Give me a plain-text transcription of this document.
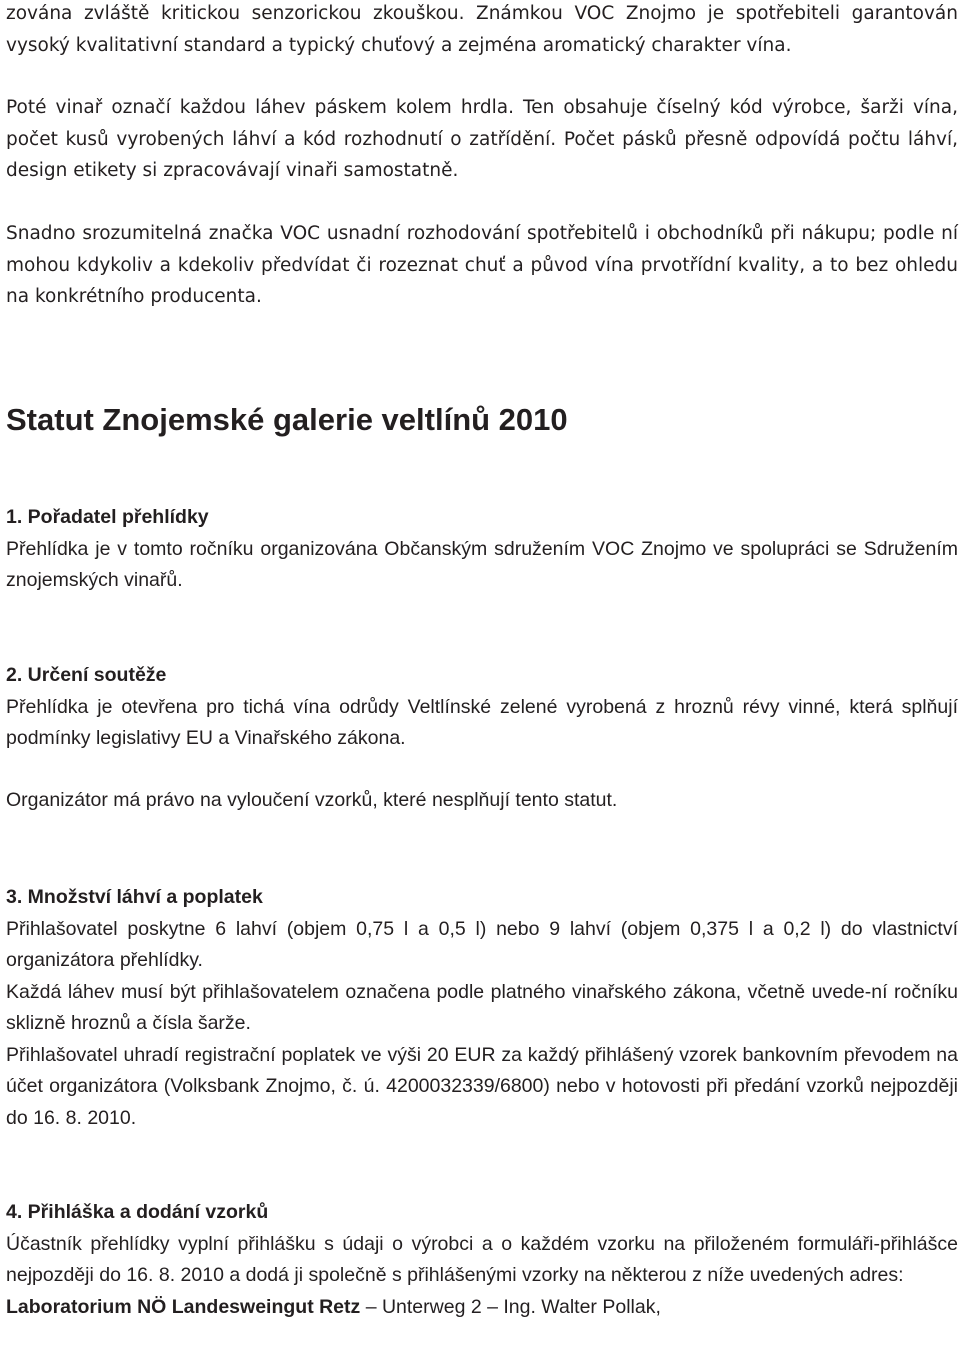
zována zvláště kritickou senzorickou zkouškou. Známkou VOC Znojmo je spotřebiteli garantován vysoký kvalitativní standard a typický chuťový a zejména aromatický charakter vína.

Poté vinař označí každou láhev páskem kolem hrdla. Ten obsahuje číselný kód výrobce, šarži vína, počet kusů vyrobených láhví a kód rozhodnutí o zatřídění. Počet pásků přesně odpovídá počtu láhví, design etikety si zpracovávají vinaři samostatně.

Snadno srozumitelná značka VOC usnadní rozhodování spotřebitelů i obchodníků při nákupu; podle ní mohou kdykoliv a kdekoliv předvídat či rozeznat chuť a původ vína prvotřídní kvality, a to bez ohledu na konkrétního producenta.

Statut Znojemské galerie veltlínů 2010
1. Pořadatel přehlídky

Přehlídka je v tomto ročníku organizována Občanským sdružením VOC Znojmo ve spolupráci se Sdružením znojemských vinařů.

2. Určení soutěže

Přehlídka je otevřena pro tichá vína odrůdy Veltlínské zelené vyrobená z hroznů révy vinné, která splňují podmínky legislativy EU a Vinařského zákona.

Organizátor má právo na vyloučení vzorků, které nesplňují tento statut.

3. Množství láhví a poplatek

Přihlašovatel poskytne 6 lahví (objem 0,75 l a 0,5 l) nebo 9 lahví (objem 0,375 l a 0,2 l) do vlastnictví organizátora přehlídky.

Každá láhev musí být přihlašovatelem označena podle platného vinařského zákona, včetně uvede-ní ročníku sklizně hroznů a čísla šarže.

Přihlašovatel uhradí registrační poplatek ve výši 20 EUR za každý přihlášený vzorek bankovním převodem na účet organizátora (Volksbank Znojmo, č. ú. 4200032339/6800) nebo v hotovosti při předání vzorků nejpozději do 16. 8. 2010.

4. Přihláška a dodání vzorků

Účastník přehlídky vyplní přihlášku s údaji o výrobci a o každém vzorku na přiloženém formuláři-přihlášce nejpozději do 16. 8. 2010 a dodá ji společně s přihlášenými vzorky na některou z níže uvedených adres:

Laboratorium NÖ Landesweingut Retz – Unterweg 2 – Ing. Walter Pollak,
